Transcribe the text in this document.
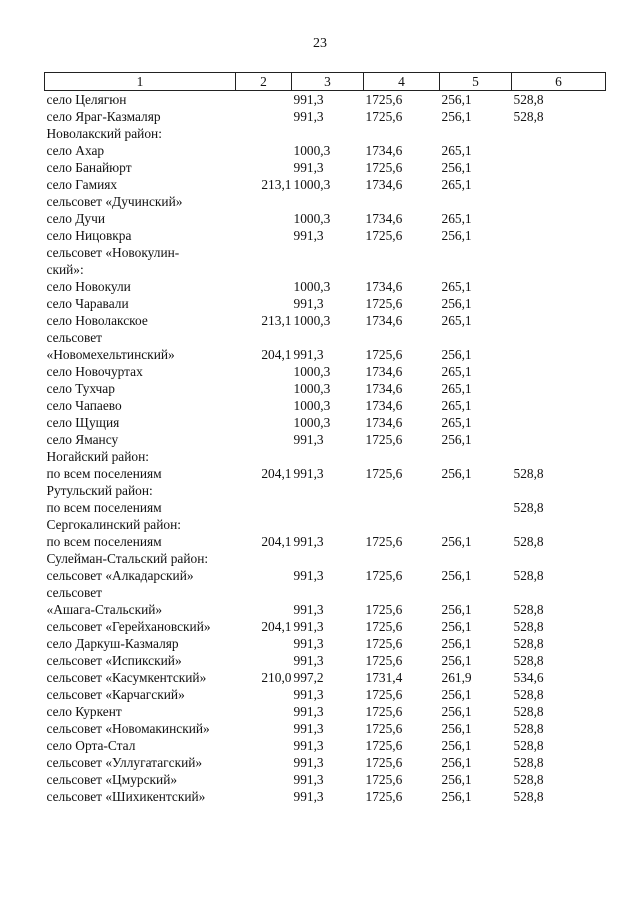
23
1	2	3	4	5	6
село Целягюн		991,3	1725,6	256,1	528,8
село Яраг-Казмаляр		991,3	1725,6	256,1	528,8
Новолакский район:					
село Ахар		1000,3	1734,6	265,1	
село Банайюрт		991,3	1725,6	256,1	
село Гамиях	213,1	1000,3	1734,6	265,1	
сельсовет «Дучинский»					
село Дучи		1000,3	1734,6	265,1	
село Ницовкра		991,3	1725,6	256,1	
сельсовет «Новокулин-					
ский»:					
село Новокули		1000,3	1734,6	265,1	
село Чаравали		991,3	1725,6	256,1	
село Новолакское	213,1	1000,3	1734,6	265,1	
сельсовет					
«Новомехельтинский»	204,1	991,3	1725,6	256,1	
село Новочуртах		1000,3	1734,6	265,1	
село Тухчар		1000,3	1734,6	265,1	
село Чапаево		1000,3	1734,6	265,1	
село Щущия		1000,3	1734,6	265,1	
село Ямансу		991,3	1725,6	256,1	
Ногайский район:					
по всем поселениям	204,1	991,3	1725,6	256,1	528,8
Рутульский район:					
по всем поселениям					528,8
Сергокалинский район:					
по всем поселениям	204,1	991,3	1725,6	256,1	528,8
Сулейман-Стальский район:					
сельсовет «Алкадарский»		991,3	1725,6	256,1	528,8
сельсовет					
«Ашага-Стальский»		991,3	1725,6	256,1	528,8
сельсовет «Герейхановский»	204,1	991,3	1725,6	256,1	528,8
село Даркуш-Казмаляр		991,3	1725,6	256,1	528,8
сельсовет «Испикский»		991,3	1725,6	256,1	528,8
сельсовет «Касумкентский»	210,0	997,2	1731,4	261,9	534,6
сельсовет «Карчагский»		991,3	1725,6	256,1	528,8
село Куркент		991,3	1725,6	256,1	528,8
сельсовет «Новомакинский»		991,3	1725,6	256,1	528,8
село Орта-Стал		991,3	1725,6	256,1	528,8
сельсовет «Уллугатагский»		991,3	1725,6	256,1	528,8
сельсовет «Цмурский»		991,3	1725,6	256,1	528,8
сельсовет «Шихикентский»		991,3	1725,6	256,1	528,8
